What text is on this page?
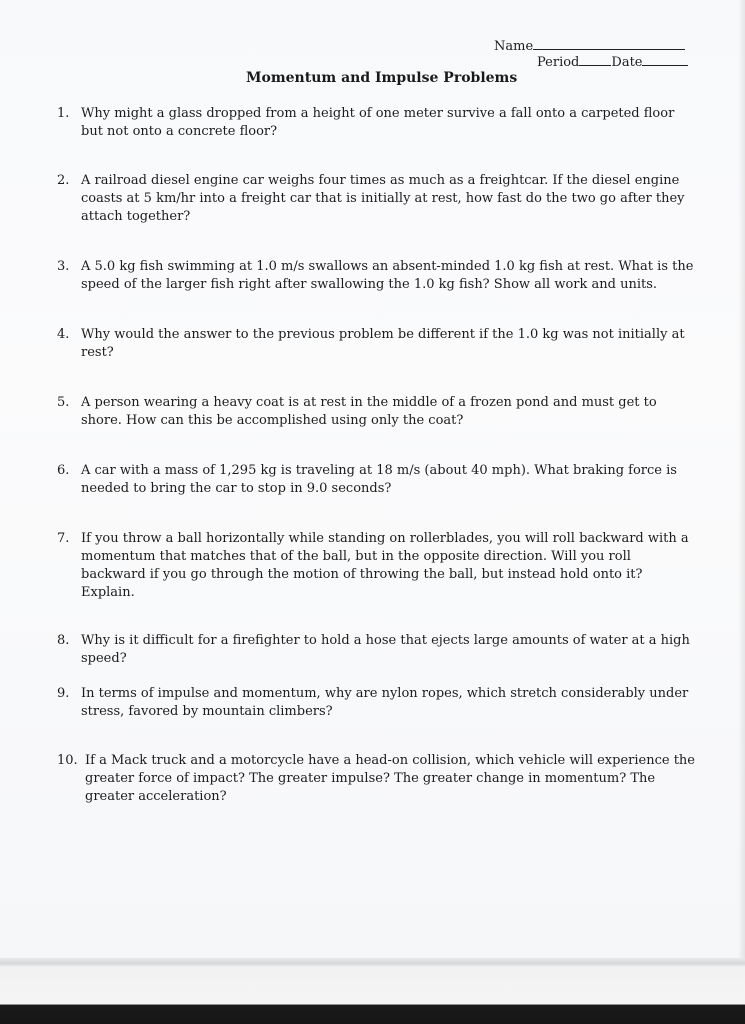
Name
Period Date
Momentum and Impulse Problems
1. Why might a glass dropped from a height of one meter survive a fall onto a carpeted floor but not onto a concrete floor?
2. A railroad diesel engine car weighs four times as much as a freightcar. If the diesel engine coasts at 5 km/hr into a freight car that is initially at rest, how fast do the two go after they attach together?
3. A 5.0 kg fish swimming at 1.0 m/s swallows an absent-minded 1.0 kg fish at rest. What is the speed of the larger fish right after swallowing the 1.0 kg fish? Show all work and units.
4. Why would the answer to the previous problem be different if the 1.0 kg was not initially at rest?
5. A person wearing a heavy coat is at rest in the middle of a frozen pond and must get to shore. How can this be accomplished using only the coat?
6. A car with a mass of 1,295 kg is traveling at 18 m/s (about 40 mph). What braking force is needed to bring the car to stop in 9.0 seconds?
7. If you throw a ball horizontally while standing on rollerblades, you will roll backward with a momentum that matches that of the ball, but in the opposite direction. Will you roll backward if you go through the motion of throwing the ball, but instead hold onto it? Explain.
8. Why is it difficult for a firefighter to hold a hose that ejects large amounts of water at a high speed?
9. In terms of impulse and momentum, why are nylon ropes, which stretch considerably under stress, favored by mountain climbers?
10. If a Mack truck and a motorcycle have a head-on collision, which vehicle will experience the greater force of impact? The greater impulse? The greater change in momentum? The greater acceleration?
